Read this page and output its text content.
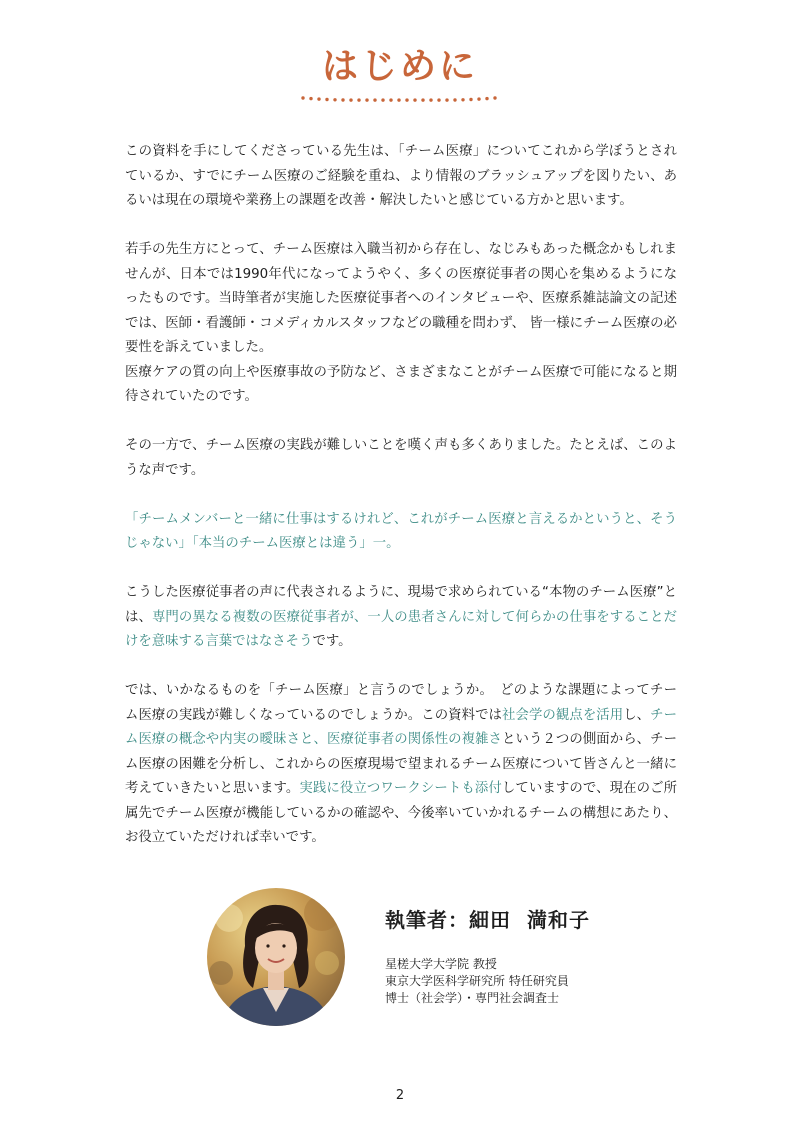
はじめに

この資料を手にしてくださっている先生は、「チーム医療」についてこれから学ぼうとされているか、すでにチーム医療のご経験を重ね、より情報のブラッシュアップを図りたい、あるいは現在の環境や業務上の課題を改善・解決したいと感じている方かと思います。

若手の先生方にとって、チーム医療は入職当初から存在し、なじみもあった概念かもしれませんが、日本では1990年代になってようやく、多くの医療従事者の関心を集めるようになったものです。当時筆者が実施した医療従事者へのインタビューや、医療系雑誌論文の記述では、医師・看護師・コメディカルスタッフなどの職種を問わず、 皆一様にチーム医療の必要性を訴えていました。

医療ケアの質の向上や医療事故の予防など、さまざまなことがチーム医療で可能になると期待されていたのです。

その一方で、チーム医療の実践が難しいことを嘆く声も多くありました。たとえば、このような声です。

「チームメンバーと一緒に仕事はするけれど、これがチーム医療と言えるかというと、そうじゃない」「本当のチーム医療とは違う」一。

こうした医療従事者の声に代表されるように、現場で求められている“本物のチーム医療”とは、専門の異なる複数の医療従事者が、一人の患者さんに対して何らかの仕事をすることだけを意味する言葉ではなさそうです。

では、いかなるものを「チーム医療」と言うのでしょうか。　どのような課題によってチーム医療の実践が難しくなっているのでしょうか。この資料では社会学の観点を活用し、チーム医療の概念や内実の曖昧さと、医療従事者の関係性の複雑さという２つの側面から、チーム医療の困難を分析し、これからの医療現場で望まれるチーム医療について皆さんと一緒に考えていきたいと思います。実践に役立つワークシートも添付していますので、現在のご所属先でチーム医療が機能しているかの確認や、今後率いていかれるチームの構想にあたり、お役立ていただければ幸いです。

執筆者：細田 満和子
星槎大学大学院 教授
東京大学医科学研究所 特任研究員
博士（社会学）・専門社会調査士
2
